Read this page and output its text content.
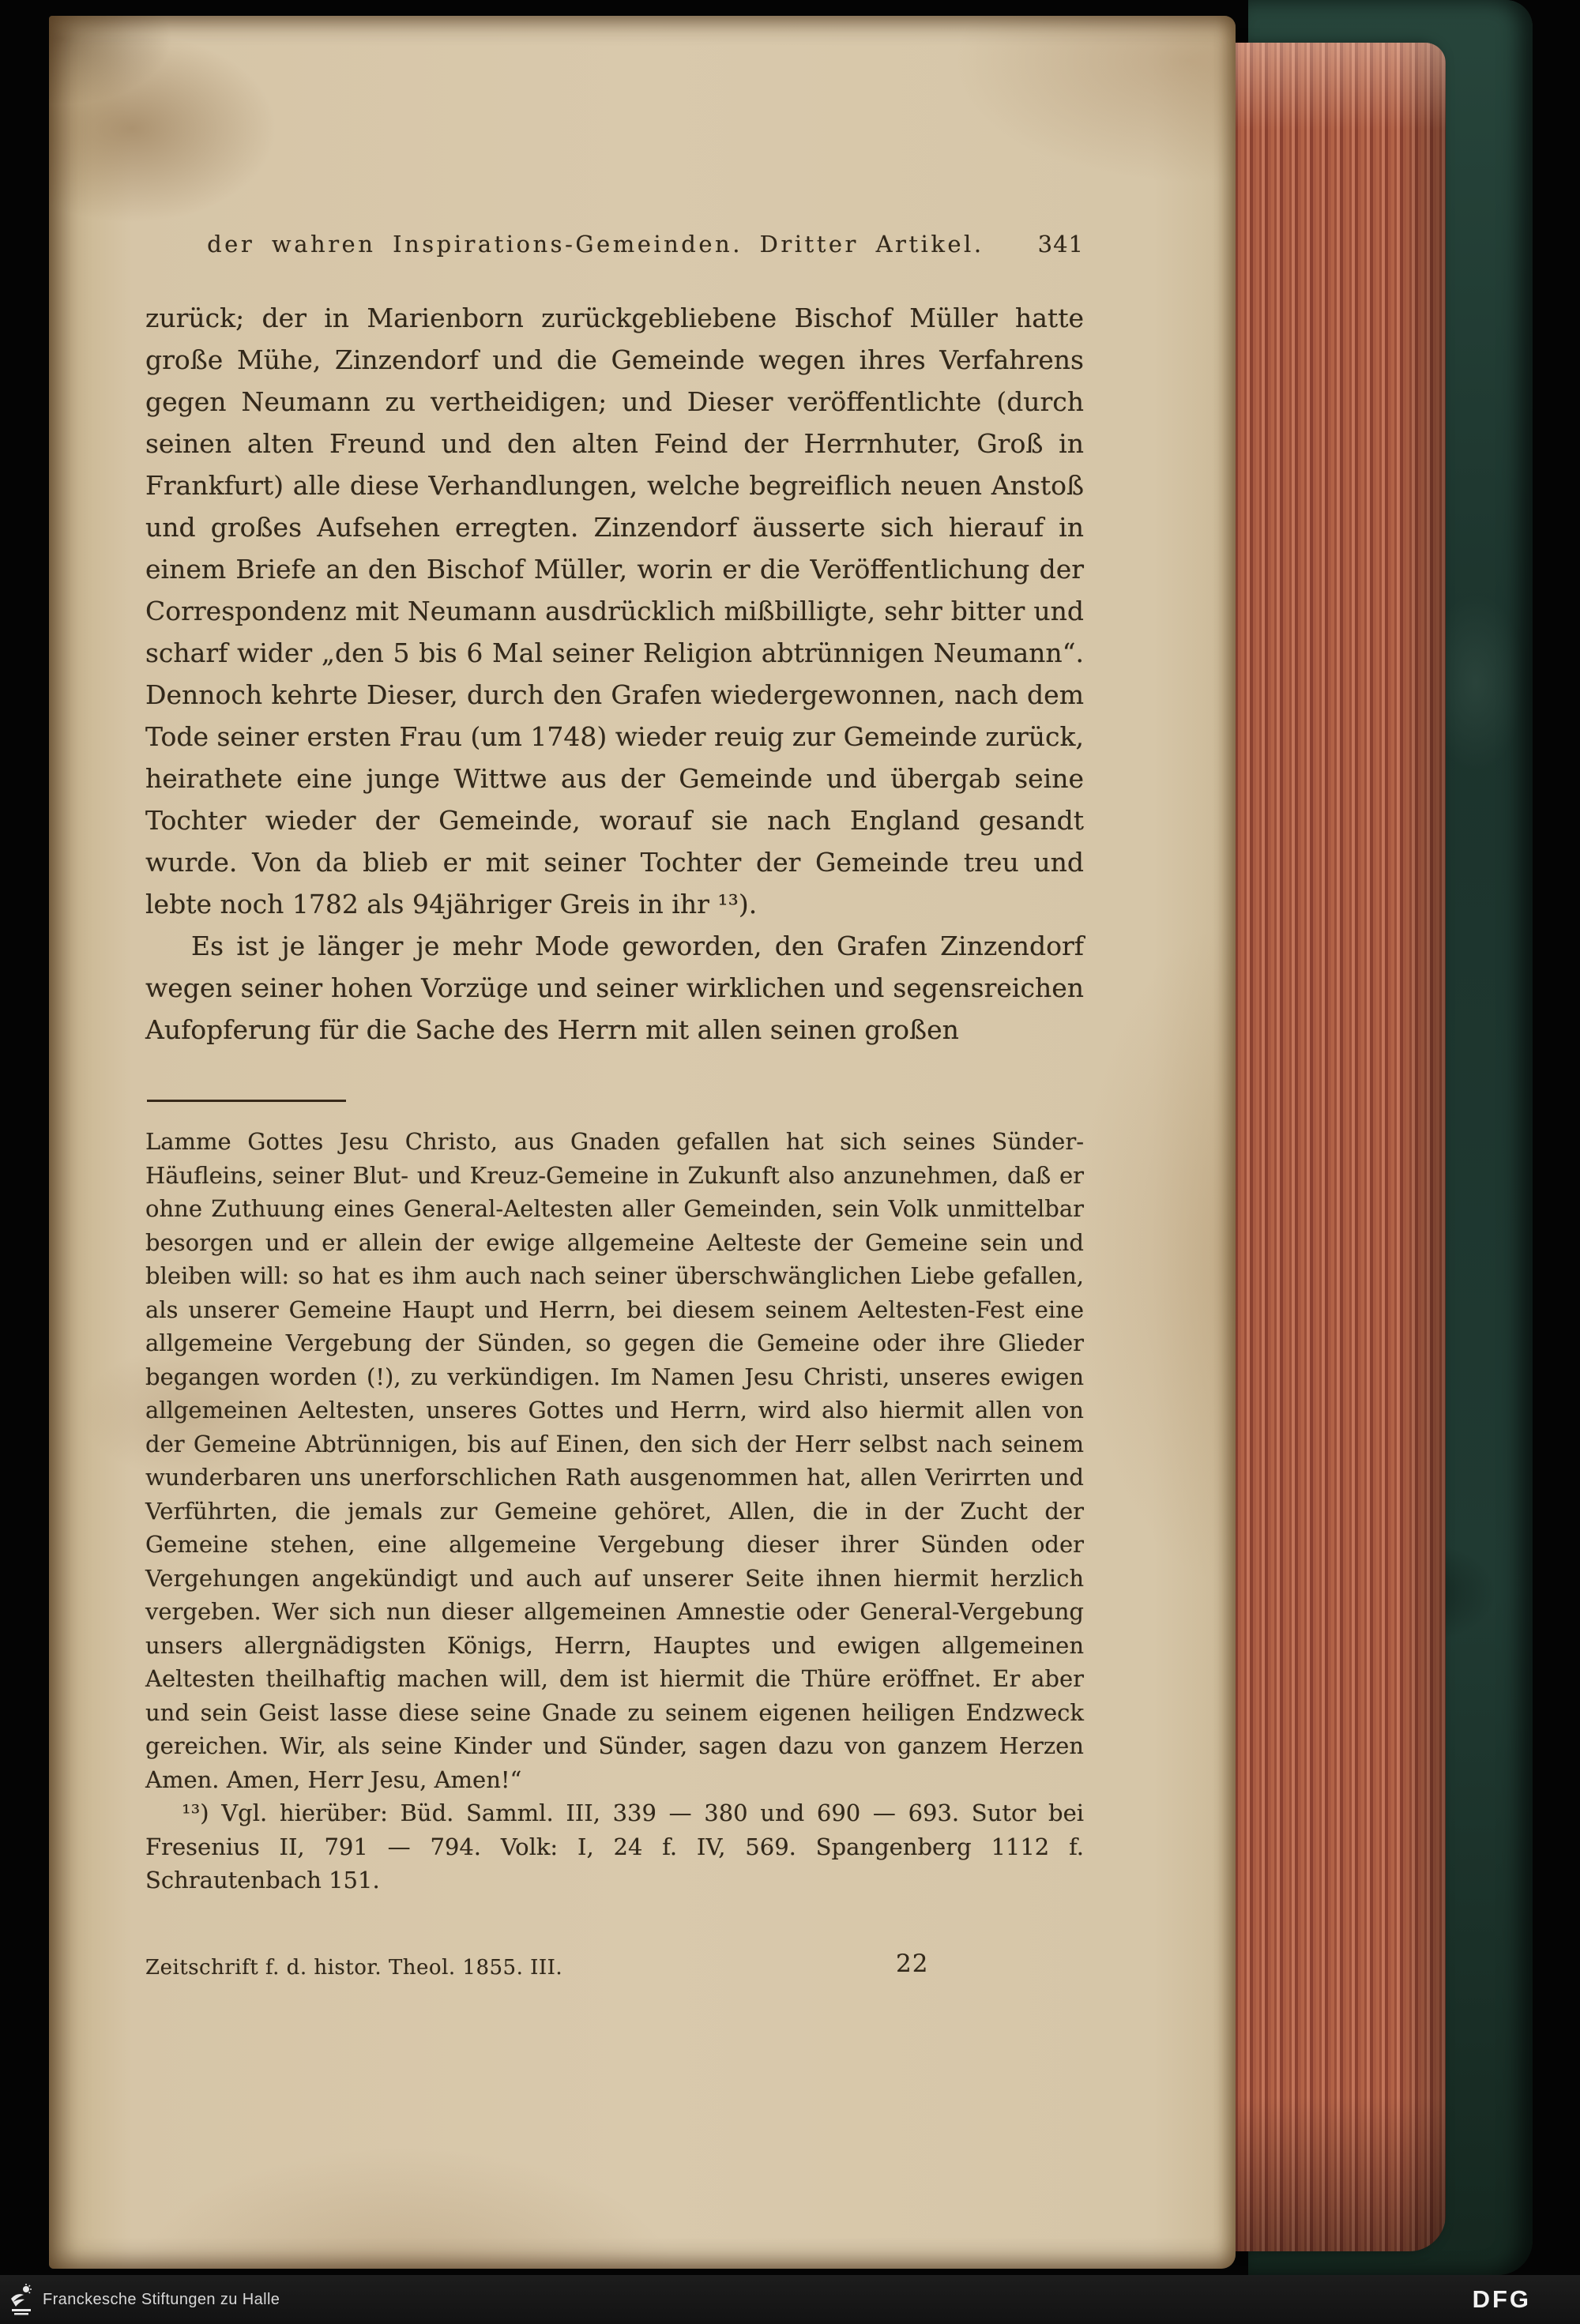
der wahren Inspirations-Gemeinden. Dritter Artikel.	341

zurück; der in Marienborn zurückgebliebene Bischof Müller hatte große Mühe, Zinzendorf und die Gemeinde wegen ihres Verfahrens gegen Neumann zu vertheidigen; und Dieser veröffentlichte (durch seinen alten Freund und den alten Feind der Herrnhuter, Groß in Frankfurt) alle diese Verhandlungen, welche begreiflich neuen Anstoß und großes Aufsehen erregten. Zinzendorf äusserte sich hierauf in einem Briefe an den Bischof Müller, worin er die Veröffentlichung der Correspondenz mit Neumann ausdrücklich mißbilligte, sehr bitter und scharf wider „den 5 bis 6 Mal seiner Religion abtrünnigen Neumann“. Dennoch kehrte Dieser, durch den Grafen wiedergewonnen, nach dem Tode seiner ersten Frau (um 1748) wieder reuig zur Gemeinde zurück, heirathete eine junge Wittwe aus der Gemeinde und übergab seine Tochter wieder der Gemeinde, worauf sie nach England gesandt wurde. Von da blieb er mit seiner Tochter der Gemeinde treu und lebte noch 1782 als 94jähriger Greis in ihr ¹³).

Es ist je länger je mehr Mode geworden, den Grafen Zinzendorf wegen seiner hohen Vorzüge und seiner wirklichen und segensreichen Aufopferung für die Sache des Herrn mit allen seinen großen

Lamme Gottes Jesu Christo, aus Gnaden gefallen hat sich seines Sünder-Häufleins, seiner Blut- und Kreuz-Gemeine in Zukunft also anzunehmen, daß er ohne Zuthuung eines General-Aeltesten aller Gemeinden, sein Volk unmittelbar besorgen und er allein der ewige allgemeine Aelteste der Gemeine sein und bleiben will: so hat es ihm auch nach seiner überschwänglichen Liebe gefallen, als unserer Gemeine Haupt und Herrn, bei diesem seinem Aeltesten-Fest eine allgemeine Vergebung der Sünden, so gegen die Gemeine oder ihre Glieder begangen worden (!), zu verkündigen. Im Namen Jesu Christi, unseres ewigen allgemeinen Aeltesten, unseres Gottes und Herrn, wird also hiermit allen von der Gemeine Abtrünnigen, bis auf Einen, den sich der Herr selbst nach seinem wunderbaren uns unerforschlichen Rath ausgenommen hat, allen Verirrten und Verführten, die jemals zur Gemeine gehöret, Allen, die in der Zucht der Gemeine stehen, eine allgemeine Vergebung dieser ihrer Sünden oder Vergehungen angekündigt und auch auf unserer Seite ihnen hiermit herzlich vergeben. Wer sich nun dieser allgemeinen Amnestie oder General-Vergebung unsers allergnädigsten Königs, Herrn, Hauptes und ewigen allgemeinen Aeltesten theilhaftig machen will, dem ist hiermit die Thüre eröffnet. Er aber und sein Geist lasse diese seine Gnade zu seinem eigenen heiligen Endzweck gereichen. Wir, als seine Kinder und Sünder, sagen dazu von ganzem Herzen Amen. Amen, Herr Jesu, Amen!“

¹³) Vgl. hierüber: Büd. Samml. III, 339 — 380 und 690 — 693. Sutor bei Fresenius II, 791 — 794. Volk: I, 24 f. IV, 569. Spangenberg 1112 f. Schrautenbach 151.

Zeitschrift f. d. histor. Theol. 1855. III.	22
Franckesche Stiftungen zu Halle	DFG
